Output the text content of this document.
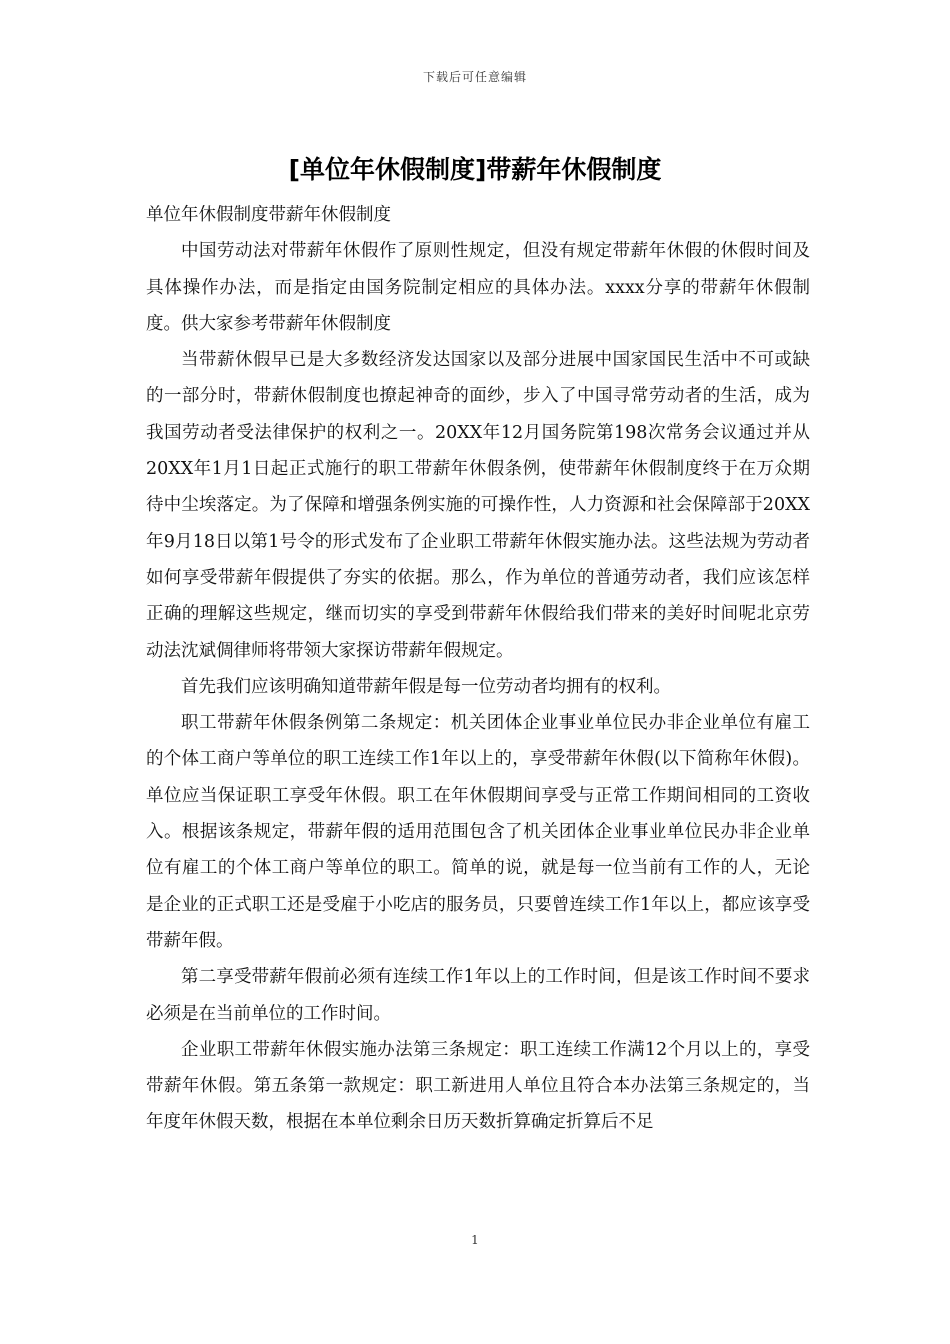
下载后可任意编辑
[单位年休假制度]带薪年休假制度

单位年休假制度带薪年休假制度

中国劳动法对带薪年休假作了原则性规定，但没有规定带薪年休假的休假时间及具体操作办法，而是指定由国务院制定相应的具体办法。xxxx分享的带薪年休假制度。供大家参考带薪年休假制度

当带薪休假早已是大多数经济发达国家以及部分进展中国家国民生活中不可或缺的一部分时，带薪休假制度也撩起神奇的面纱，步入了中国寻常劳动者的生活，成为我国劳动者受法律保护的权利之一。20XX年12月国务院第198次常务会议通过并从20XX年1月1日起正式施行的职工带薪年休假条例，使带薪年休假制度终于在万众期待中尘埃落定。为了保障和增强条例实施的可操作性，人力资源和社会保障部于20XX年9月18日以第1号令的形式发布了企业职工带薪年休假实施办法。这些法规为劳动者如何享受带薪年假提供了夯实的依据。那么，作为单位的普通劳动者，我们应该怎样正确的理解这些规定，继而切实的享受到带薪年休假给我们带来的美好时间呢北京劳动法沈斌倜律师将带领大家探访带薪年假规定。

首先我们应该明确知道带薪年假是每一位劳动者均拥有的权利。

职工带薪年休假条例第二条规定：机关团体企业事业单位民办非企业单位有雇工的个体工商户等单位的职工连续工作1年以上的，享受带薪年休假(以下简称年休假)。单位应当保证职工享受年休假。职工在年休假期间享受与正常工作期间相同的工资收入。根据该条规定，带薪年假的适用范围包含了机关团体企业事业单位民办非企业单位有雇工的个体工商户等单位的职工。简单的说，就是每一位当前有工作的人，无论是企业的正式职工还是受雇于小吃店的服务员，只要曾连续工作1年以上，都应该享受带薪年假。

第二享受带薪年假前必须有连续工作1年以上的工作时间，但是该工作时间不要求必须是在当前单位的工作时间。

企业职工带薪年休假实施办法第三条规定：职工连续工作满12个月以上的，享受带薪年休假。第五条第一款规定：职工新进用人单位且符合本办法第三条规定的，当年度年休假天数，根据在本单位剩余日历天数折算确定折算后不足

1
